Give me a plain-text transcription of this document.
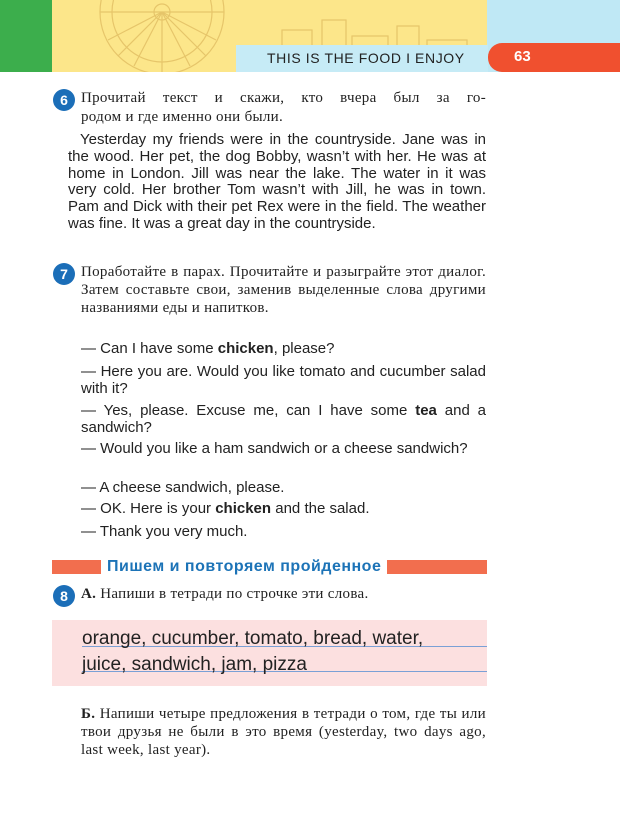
THIS IS THE FOOD I ENJOY	63
6 Прочитай текст и скажи, кто вчера был за го-
родом и где именно они были.
Yesterday my friends were in the countryside. Jane was in the wood. Her pet, the dog Bobby, wasn’t with her. He was at home in London. Jill was near the lake. The water in it was very cold. Her brother Tom wasn’t with Jill, he was in town. Pam and Dick with their pet Rex were in the field. The weather was fine. It was a great day in the countryside.
7 Поработайте в парах. Прочитайте и разыграйте этот диалог. Затем составьте свои, заменив выделенные слова другими названиями еды и напитков.
— Can I have some chicken, please?
— Here you are. Would you like tomato and cucumber salad with it?
— Yes, please. Excuse me, can I have some tea and a sandwich?
— Would you like a ham sandwich or a cheese sandwich?
— A cheese sandwich, please.
— OK. Here is your chicken and the salad.
— Thank you very much.
Пишем и повторяем пройденное
8 А. Напиши в тетради по строчке эти слова.
orange, cucumber, tomato, bread, water,
juice, sandwich, jam, pizza
Б. Напиши четыре предложения в тетради о том, где ты или твои друзья не были в это время (yesterday, two days ago, last week, last year).
